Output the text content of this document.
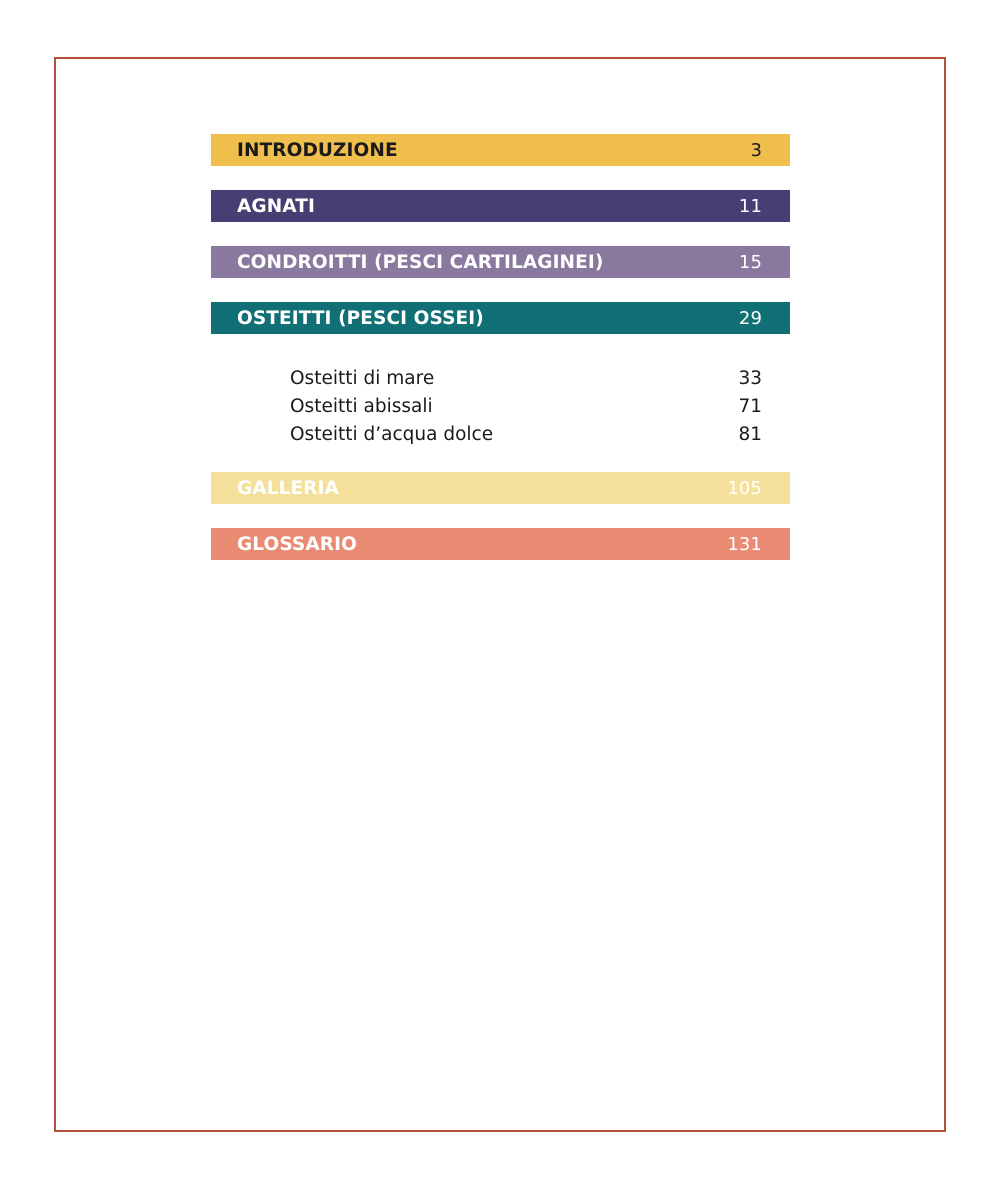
INTRODUZIONE	3
AGNATI	11
CONDROITTI (PESCI CARTILAGINEI)	15
OSTEITTI (PESCI OSSEI)	29
Osteitti di mare	33
Osteitti abissali	71
Osteitti d’acqua dolce	81
GALLERIA	105
GLOSSARIO	131
